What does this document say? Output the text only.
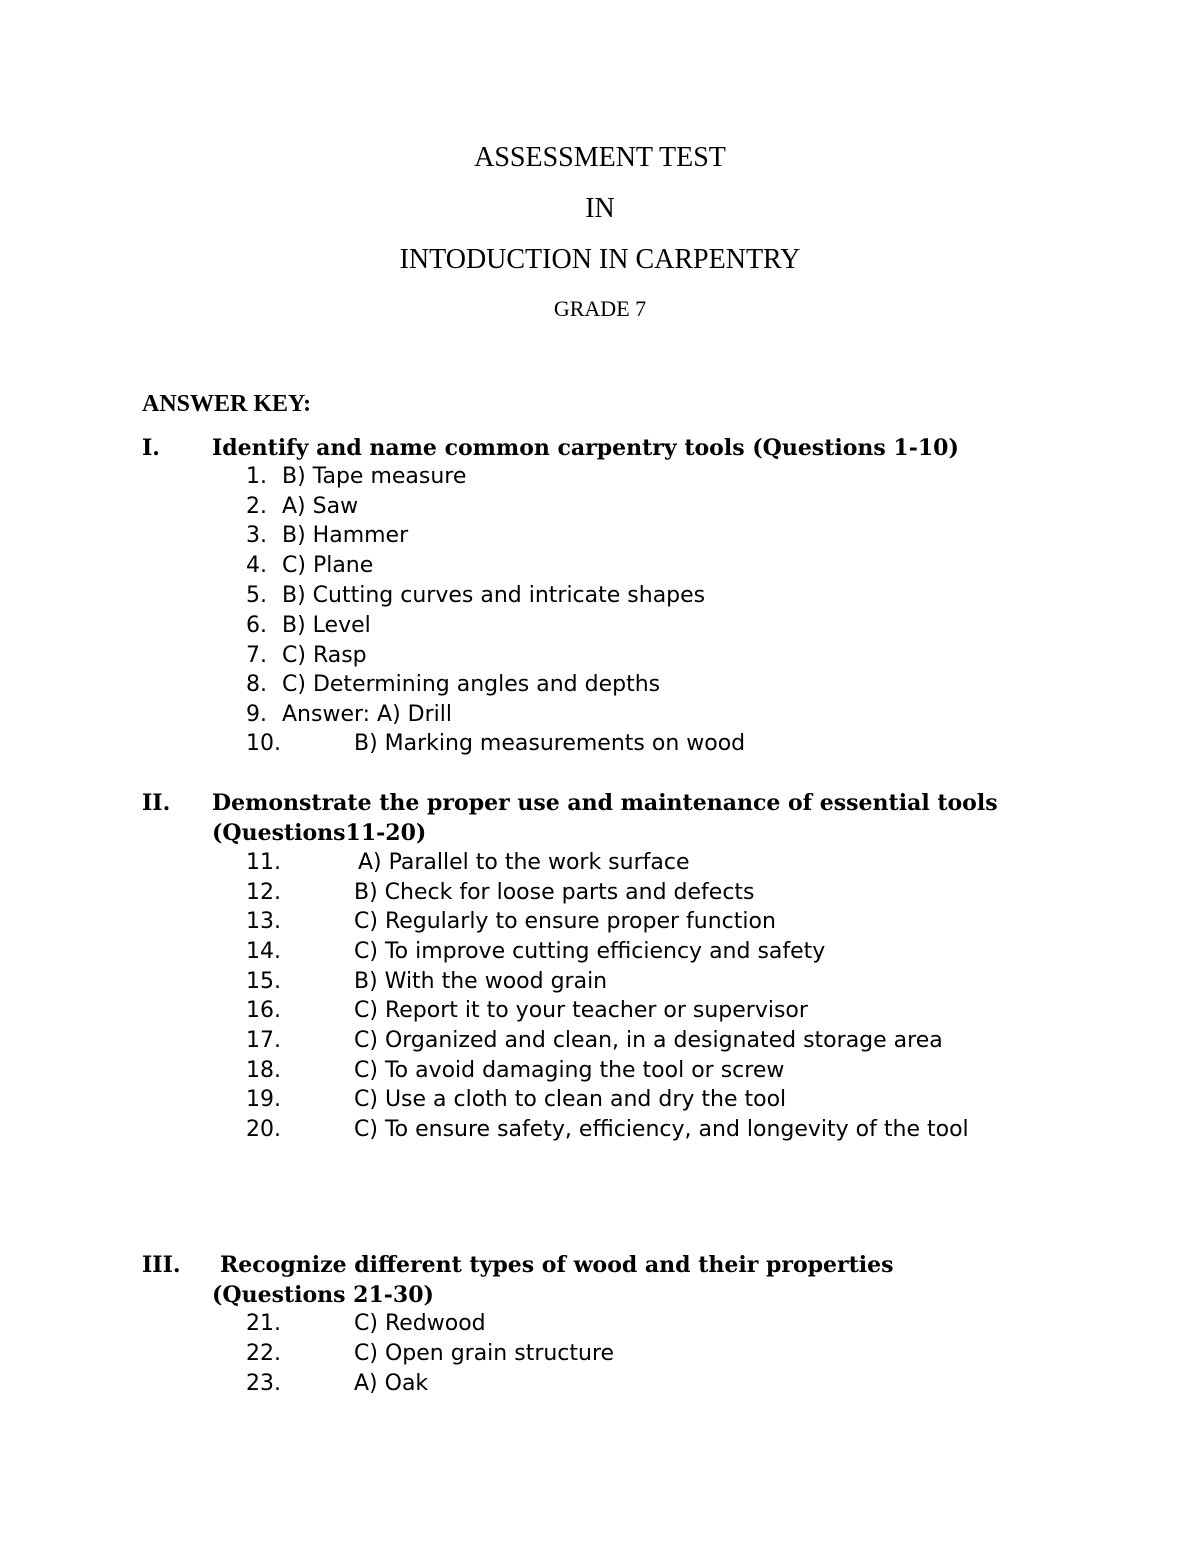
ASSESSMENT TEST
IN
INTODUCTION IN CARPENTRY
GRADE 7
ANSWER KEY:
I. Identify and name common carpentry tools (Questions 1-10)
1. B) Tape measure
2. A) Saw
3. B) Hammer
4. C) Plane
5. B) Cutting curves and intricate shapes
6. B) Level
7. C) Rasp
8. C) Determining angles and depths
9. Answer: A) Drill
10.	B) Marking measurements on wood
II. Demonstrate the proper use and maintenance of essential tools
(Questions11-20)
11.	A) Parallel to the work surface
12.	B) Check for loose parts and defects
13.	C) Regularly to ensure proper function
14.	C) To improve cutting efficiency and safety
15.	B) With the wood grain
16.	C) Report it to your teacher or supervisor
17.	C) Organized and clean, in a designated storage area
18.	C) To avoid damaging the tool or screw
19.	C) Use a cloth to clean and dry the tool
20.	C) To ensure safety, efficiency, and longevity of the tool
III. Recognize different types of wood and their properties
(Questions 21-30)
21.	C) Redwood
22.	C) Open grain structure
23.	A) Oak
